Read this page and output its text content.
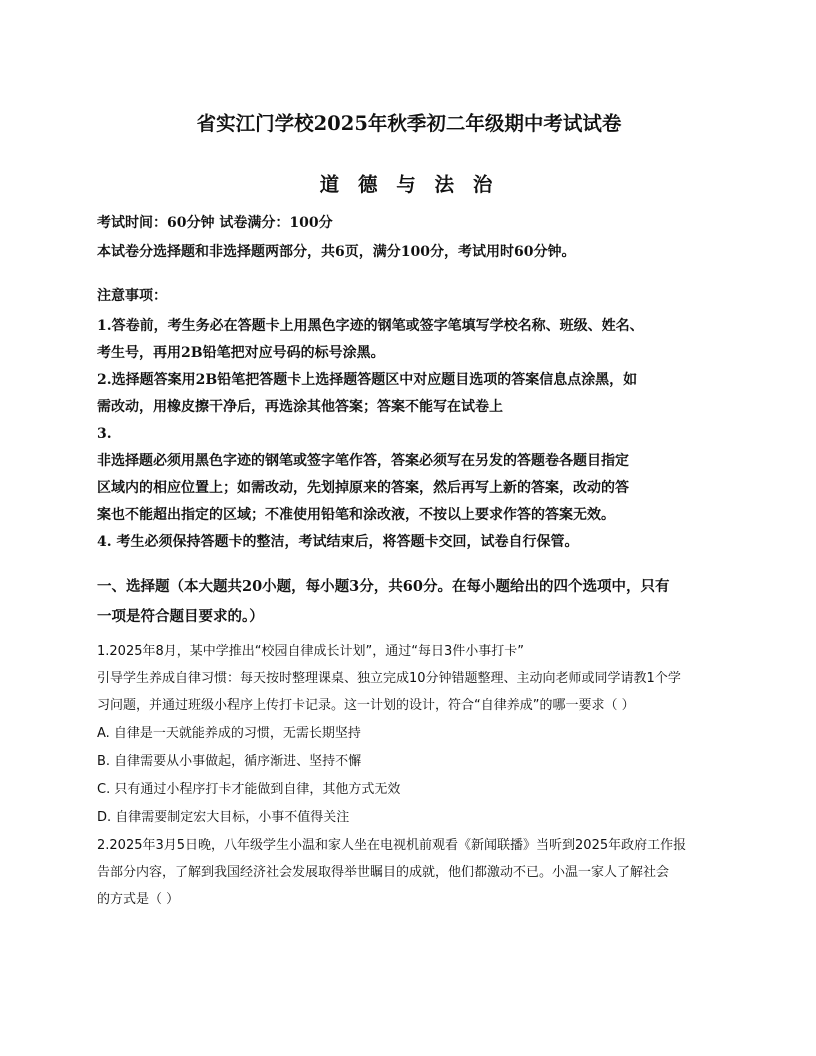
省实江门学校2025年秋季初二年级期中考试试卷
道 德 与 法 治

考试时间：60分钟 试卷满分：100分

本试卷分选择题和非选择题两部分，共6页，满分100分，考试用时60分钟。

注意事项：

1.答卷前，考生务必在答题卡上用黑色字迹的钢笔或签字笔填写学校名称、班级、姓名、

考生号，再用2B铅笔把对应号码的标号涂黑。

2.选择题答案用2B铅笔把答题卡上选择题答题区中对应题目选项的答案信息点涂黑，如

需改动，用橡皮擦干净后，再选涂其他答案；答案不能写在试卷上

3.

非选择题必须用黑色字迹的钢笔或签字笔作答，答案必须写在另发的答题卷各题目指定

区域内的相应位置上；如需改动，先划掉原来的答案，然后再写上新的答案，改动的答

案也不能超出指定的区域；不准使用铅笔和涂改液，不按以上要求作答的答案无效。

4. 考生必须保持答题卡的整洁，考试结束后，将答题卡交回，试卷自行保管。

一、选择题（本大题共20小题，每小题3分，共60分。在每小题给出的四个选项中，只有

一项是符合题目要求的。）

1.2025年8月，某中学推出“校园自律成长计划”，通过“每日3件小事打卡”

引导学生养成自律习惯：每天按时整理课桌、独立完成10分钟错题整理、主动向老师或同学请教1个学

习问题，并通过班级小程序上传打卡记录。这一计划的设计，符合“自律养成”的哪一要求（ ）

A. 自律是一天就能养成的习惯，无需长期坚持

B. 自律需要从小事做起，循序渐进、坚持不懈

C. 只有通过小程序打卡才能做到自律，其他方式无效

D. 自律需要制定宏大目标，小事不值得关注

2.2025年3月5日晚，八年级学生小温和家人坐在电视机前观看《新闻联播》当听到2025年政府工作报

告部分内容，了解到我国经济社会发展取得举世瞩目的成就，他们都激动不已。小温一家人了解社会

的方式是（ ）
